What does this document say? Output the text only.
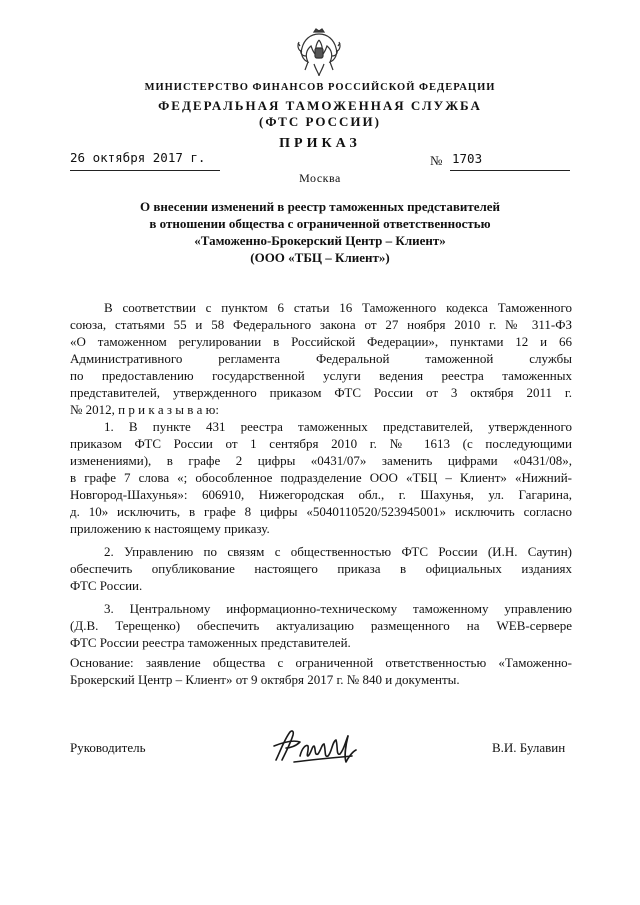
МИНИСТЕРСТВО ФИНАНСОВ РОССИЙСКОЙ ФЕДЕРАЦИИ
ФЕДЕРАЛЬНАЯ ТАМОЖЕННАЯ СЛУЖБА
(ФТС РОССИИ)
ПРИКАЗ
26 октября 2017 г.	№ 1703
Москва
О внесении изменений в реестр таможенных представителей
в отношении общества с ограниченной ответственностью
«Таможенно-Брокерский Центр – Клиент»
(ООО «ТБЦ – Клиент»)
В соответствии с пунктом 6 статьи 16 Таможенного кодекса Таможенного
союза, статьями 55 и 58 Федерального закона от 27 ноября 2010 г. № 311-ФЗ
«О таможенном регулировании в Российской Федерации», пунктами 12 и 66
Административного регламента Федеральной таможенной службы
по предоставлению государственной услуги ведения реестра таможенных
представителей, утвержденного приказом ФТС России от 3 октября 2011 г.
№ 2012, п р и к а з ы в а ю:
1. В пункте 431 реестра таможенных представителей, утвержденного
приказом ФТС России от 1 сентября 2010 г. № 1613 (с последующими
изменениями), в графе 2 цифры «0431/07» заменить цифрами «0431/08»,
в графе 7 слова «; обособленное подразделение ООО «ТБЦ – Клиент» «Нижний-
Новгород-Шахунья»: 606910, Нижегородская обл., г. Шахунья, ул. Гагарина,
д. 10» исключить, в графе 8 цифры «5040110520/523945001» исключить согласно
приложению к настоящему приказу.
2. Управлению по связям с общественностью ФТС России (И.Н. Саутин)
обеспечить опубликование настоящего приказа в официальных изданиях
ФТС России.
3. Центральному информационно-техническому таможенному управлению
(Д.В. Терещенко) обеспечить актуализацию размещенного на WEB-сервере
ФТС России реестра таможенных представителей.
Основание: заявление общества с ограниченной ответственностью «Таможенно-
Брокерский Центр – Клиент» от 9 октября 2017 г. № 840 и документы.
Руководитель	В.И. Булавин
